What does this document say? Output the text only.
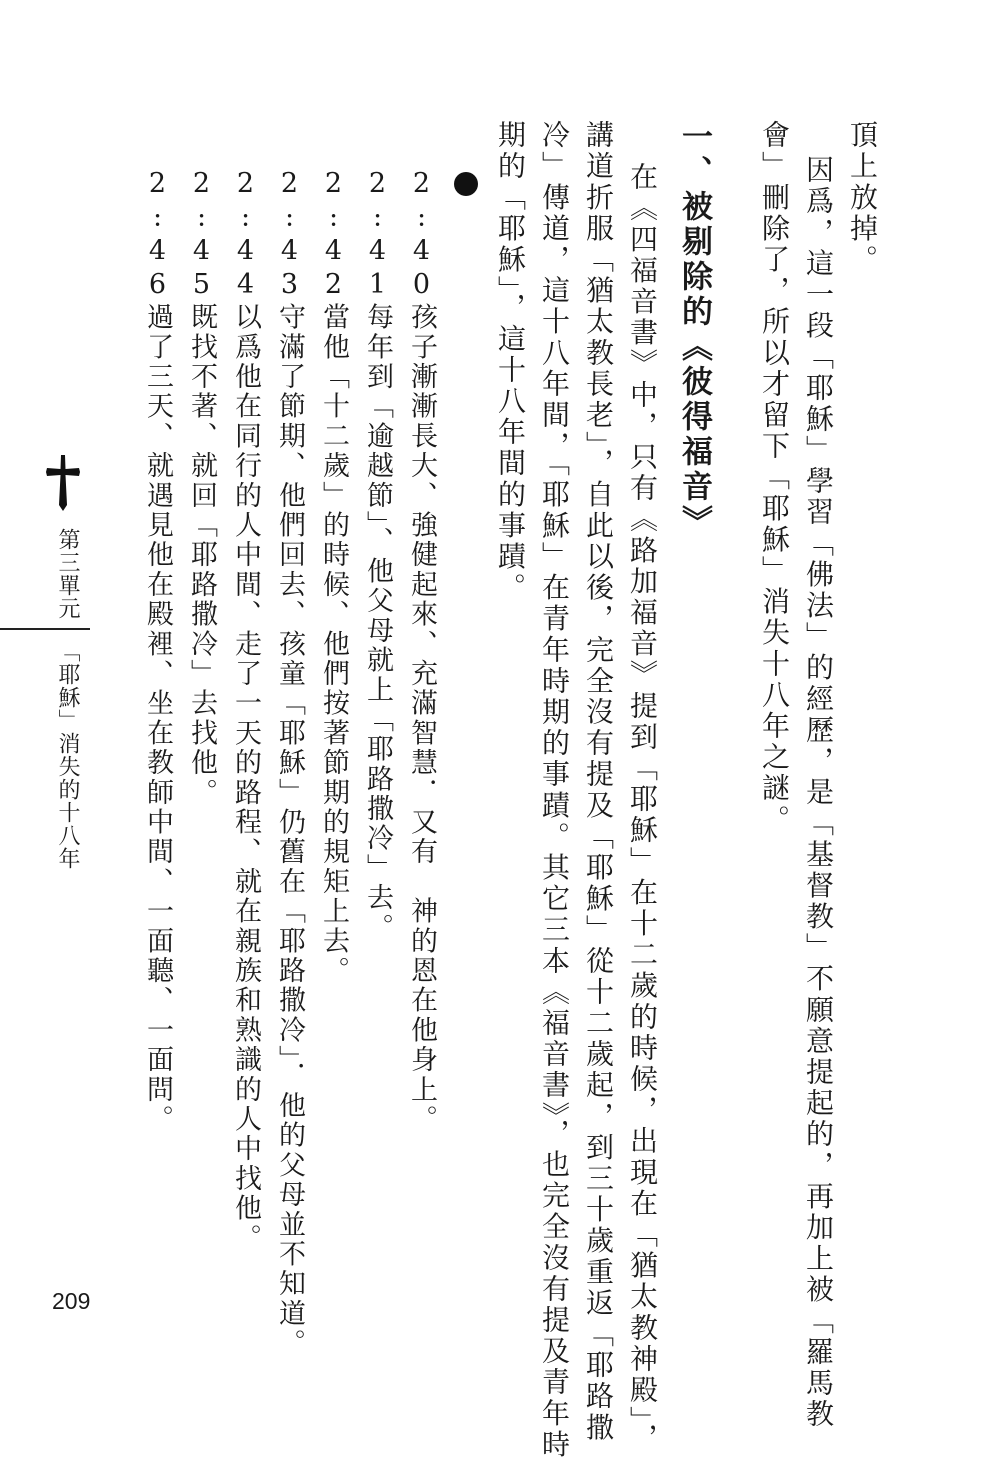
頂上放掉。
因爲，這一段「耶穌」學習「佛法」的經歷，是「基督教」不願意提起的，再加上被「羅馬教
會」刪除了，所以才留下「耶穌」消失十八年之謎。
一、被剔除的《彼得福音》
在《四福音書》中，只有《路加福音》提到「耶穌」在十二歲的時候，出現在「猶太教神殿」，
講道折服「猶太教長老」，自此以後，完全沒有提及「耶穌」從十二歲起，到三十歲重返「耶路撒
冷」傳道，這十八年間，「耶穌」在青年時期的事蹟。其它三本《福音書》，也完全沒有提及青年時
期的「耶穌」，這十八年間的事蹟。
2:40孩子漸漸長大、強健起來、充滿智慧．又有　神的恩在他身上。
2:41每年到「逾越節」、他父母就上「耶路撒冷」去。
2:42當他「十二歲」的時候、他們按著節期的規矩上去。
2:43守滿了節期、他們回去、孩童「耶穌」仍舊在「耶路撒冷」．他的父母並不知道。
2:44以爲他在同行的人中間、走了一天的路程、就在親族和熟識的人中找他。
2:45既找不著、就回「耶路撒冷」去找他。
2:46過了三天、就遇見他在殿裡、坐在教師中間、一面聽、一面問。
第三單元
「耶穌」消失的十八年
209
